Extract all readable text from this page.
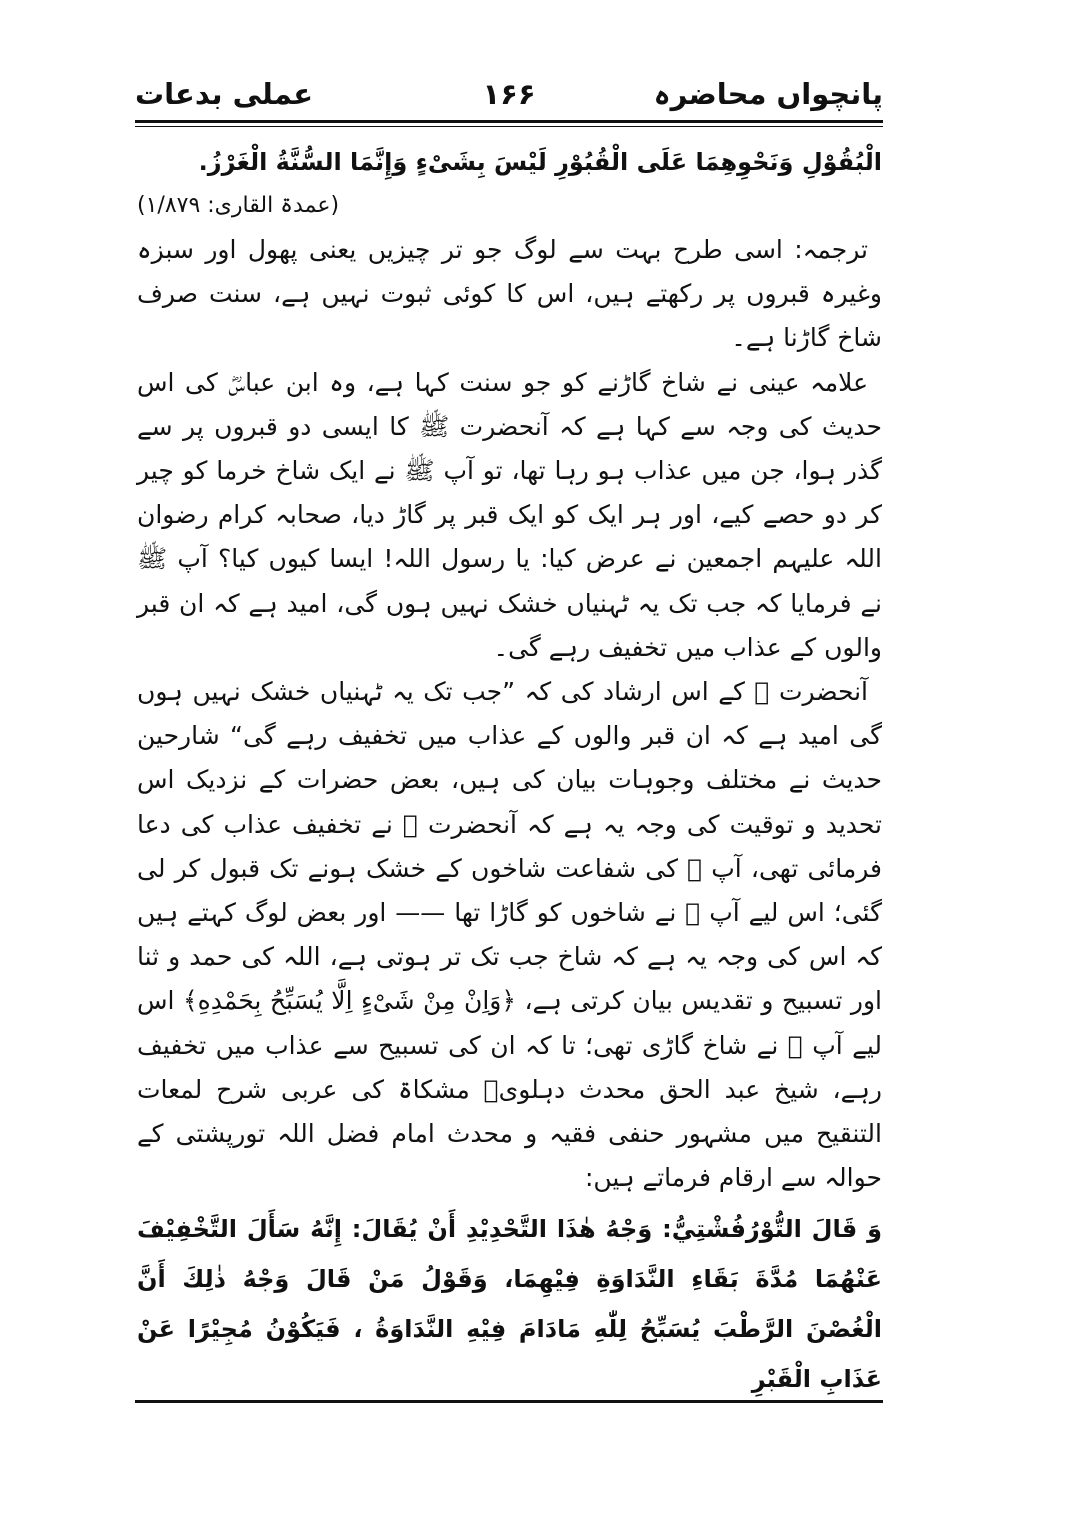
پانچواں محاضرہ
۱۶۶
عملی بدعات

الْبُقُوْلِ وَنَحْوِهِمَا عَلَى الْقُبُوْرِ لَيْسَ بِشَىْءٍ وَإِنَّمَا السُّنَّةُ الْغَرْزُ.

(عمدۃ القاری: ۱/۸۷۹)

ترجمہ: اسی طرح بہت سے لوگ جو تر چیزیں یعنی پھول اور سبزہ وغیرہ قبروں پر رکھتے ہیں، اس کا کوئی ثبوت نہیں ہے، سنت صرف شاخ گاڑنا ہے۔

علامہ عینی نے شاخ گاڑنے کو جو سنت کہا ہے، وہ ابن عباسؓ کی اس حدیث کی وجہ سے کہا ہے کہ آنحضرت ﷺ کا ایسی دو قبروں پر سے گذر ہوا، جن میں عذاب ہو رہا تھا، تو آپ ﷺ نے ایک شاخ خرما کو چیر کر دو حصے کیے، اور ہر ایک کو ایک قبر پر گاڑ دیا، صحابہ کرام رضوان اللہ علیہم اجمعین نے عرض کیا: یا رسول اللہ! ایسا کیوں کیا؟ آپ ﷺ نے فرمایا کہ جب تک یہ ٹہنیاں خشک نہیں ہوں گی، امید ہے کہ ان قبر والوں کے عذاب میں تخفیف رہے گی۔

آنحضرت ﷺ کے اس ارشاد کی کہ ”جب تک یہ ٹہنیاں خشک نہیں ہوں گی امید ہے کہ ان قبر والوں کے عذاب میں تخفیف رہے گی“ شارحین حدیث نے مختلف وجوہات بیان کی ہیں، بعض حضرات کے نزدیک اس تحدید و توقیت کی وجہ یہ ہے کہ آنحضرت ﷺ نے تخفیف عذاب کی دعا فرمائی تھی، آپ ﷺ کی شفاعت شاخوں کے خشک ہونے تک قبول کر لی گئی؛ اس لیے آپ ﷺ نے شاخوں کو گاڑا تھا —— اور بعض لوگ کہتے ہیں کہ اس کی وجہ یہ ہے کہ شاخ جب تک تر ہوتی ہے، اللہ کی حمد و ثنا اور تسبیح و تقدیس بیان کرتی ہے، ﴿وَاِنْ مِنْ شَیْءٍ اِلَّا یُسَبِّحُ بِحَمْدِهِ﴾ اس لیے آپ ﷺ نے شاخ گاڑی تھی؛ تا کہ ان کی تسبیح سے عذاب میں تخفیف رہے، شیخ عبد الحق محدث دہلویؒ مشکاۃ کی عربی شرح لمعات التنقیح میں مشہور حنفی فقیہ و محدث امام فضل اللہ تورپشتی کے حوالہ سے ارقام فرماتے ہیں:

وَ قَالَ التُّوْرُفُشْتِيُّ: وَجْهُ هٰذَا التَّحْدِيْدِ أَنْ يُقَالَ: إِنَّهُ سَأَلَ التَّخْفِيْفَ عَنْهُمَا مُدَّةَ بَقَاءِ النَّدَاوَةِ فِيْهِمَا، وَقَوْلُ مَنْ قَالَ وَجْهُ ذٰلِكَ أَنَّ الْغُصْنَ الرَّطْبَ يُسَبِّحُ لِلّٰهِ مَادَامَ فِيْهِ النَّدَاوَةُ ، فَيَكُوْنُ مُجِيْرًا عَنْ عَذَابِ الْقَبْرِ
